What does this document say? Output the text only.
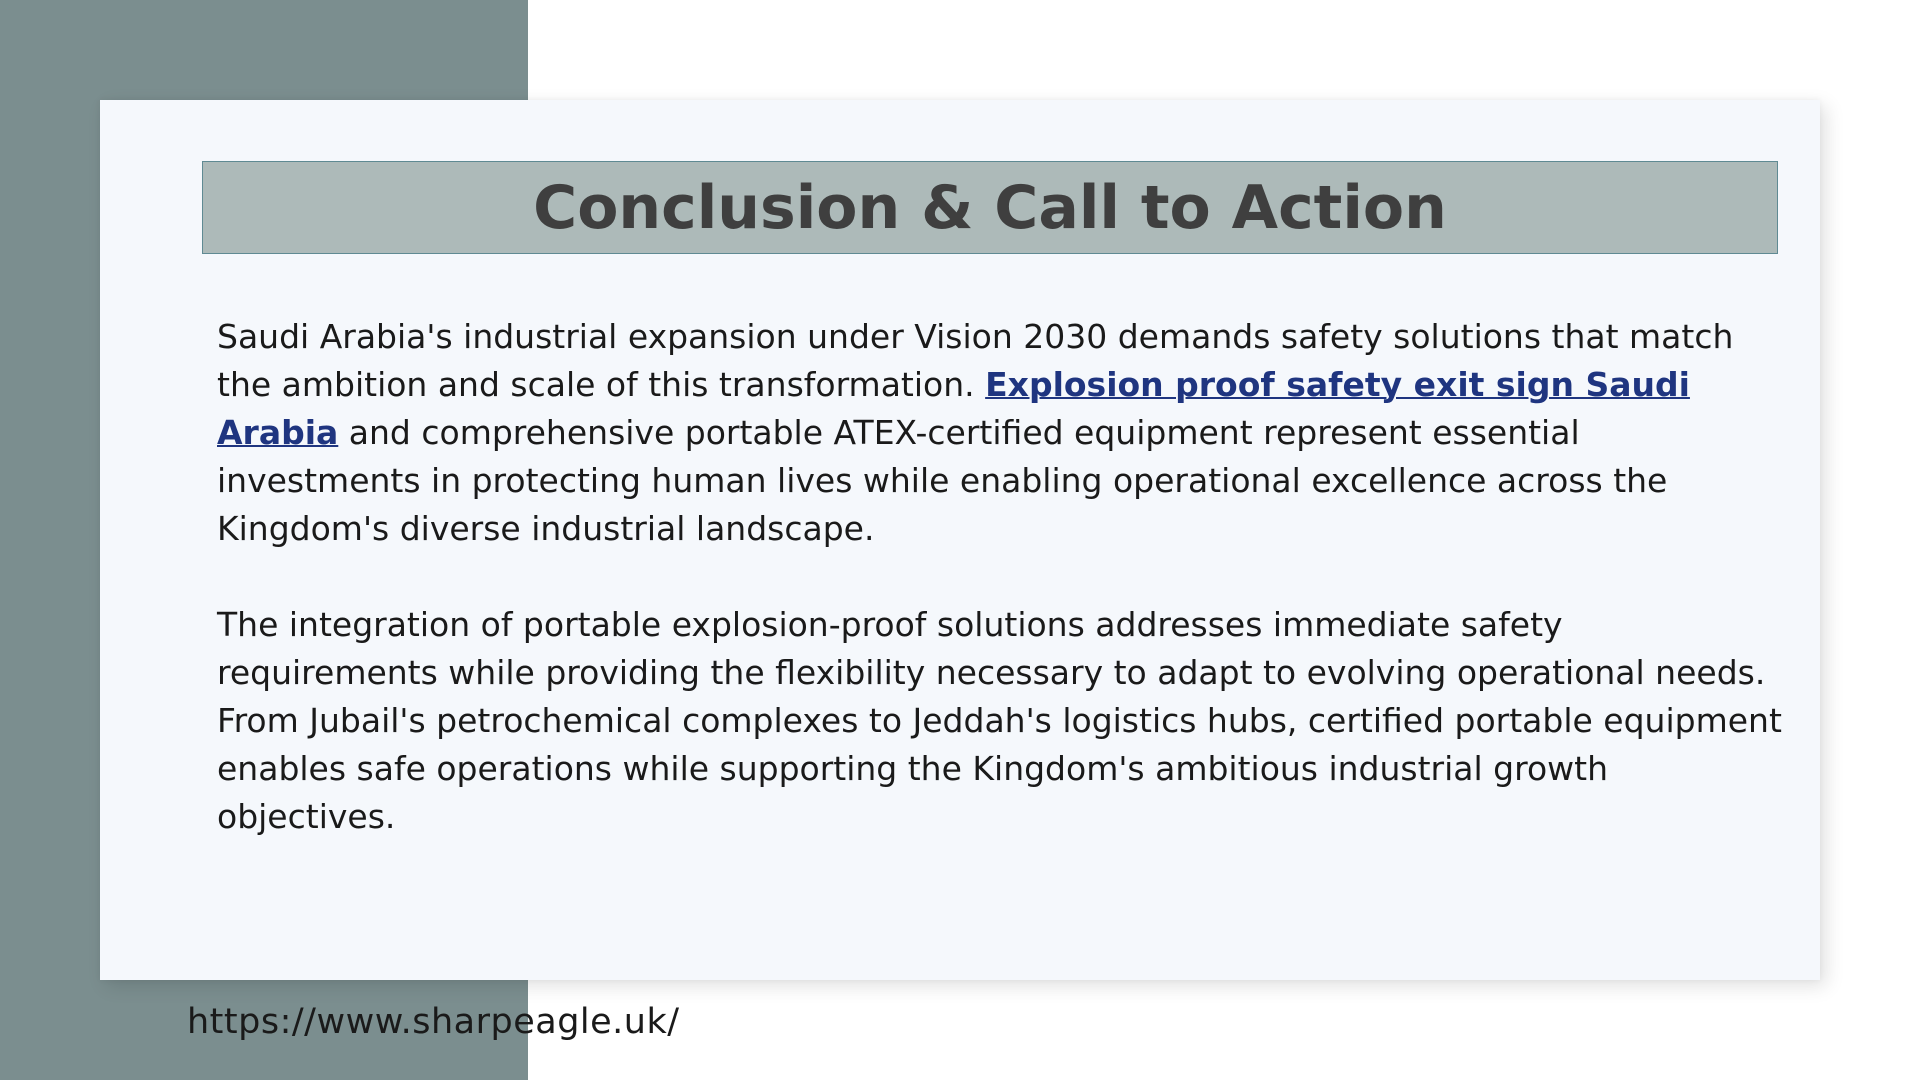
Conclusion & Call to Action

Saudi Arabia's industrial expansion under Vision 2030 demands safety solutions that match the ambition and scale of this transformation. Explosion proof safety exit sign Saudi Arabia and comprehensive portable ATEX-certified equipment represent essential investments in protecting human lives while enabling operational excellence across the Kingdom's diverse industrial landscape.

The integration of portable explosion-proof solutions addresses immediate safety requirements while providing the flexibility necessary to adapt to evolving operational needs. From Jubail's petrochemical complexes to Jeddah's logistics hubs, certified portable equipment enables safe operations while supporting the Kingdom's ambitious industrial growth objectives.

https://www.sharpeagle.uk/
